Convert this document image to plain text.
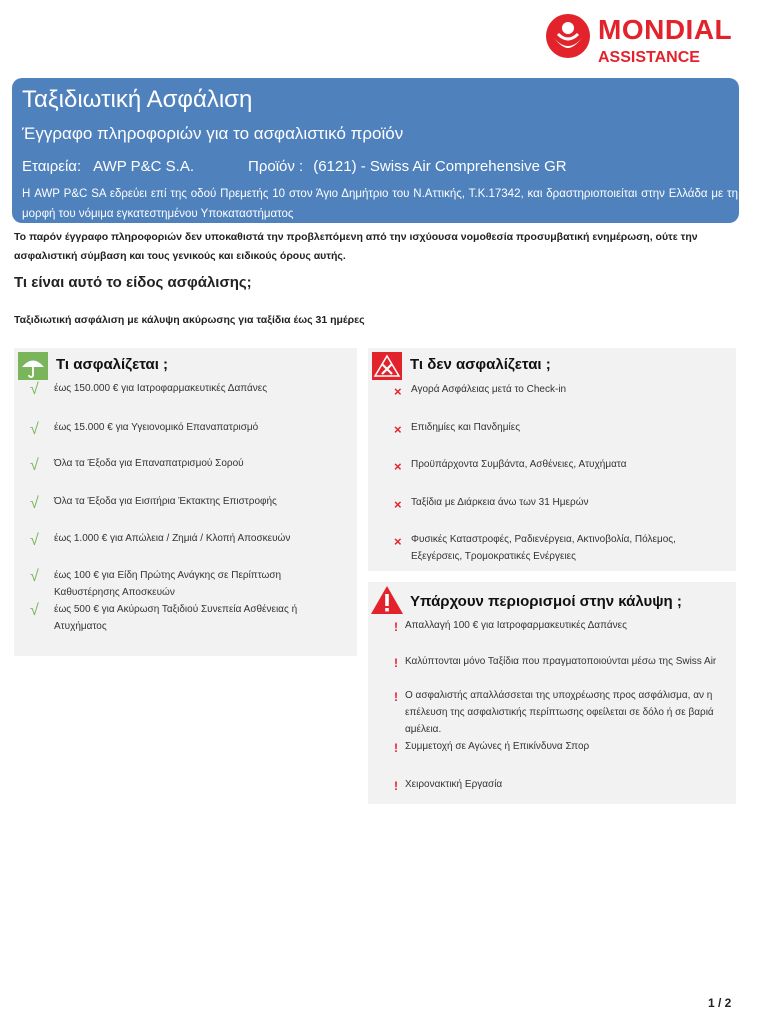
MONDIAL
ASSISTANCE
Ταξιδιωτική Ασφάλιση
Έγγραφο πληροφοριών για το ασφαλιστικό προϊόν
Εταιρεία: AWP P&C S.A.	Προϊόν : (6121) - Swiss Air Comprehensive GR
Η AWP P&C SA εδρεύει επί της οδού Πρεμετής 10 στον Άγιο Δημήτριο του Ν.Αττικής, Τ.Κ.17342, και δραστηριοποιείται στην Ελλάδα με τη μορφή του νόμιμα εγκατεστημένου Υποκαταστήματος
Το παρόν έγγραφο πληροφοριών δεν υποκαθιστά την προβλεπόμενη από την ισχύουσα νομοθεσία προσυμβατική ενημέρωση, ούτε την ασφαλιστική σύμβαση και τους γενικούς και ειδικούς όρους αυτής.
Τι είναι αυτό το είδος ασφάλισης;
Ταξιδιωτική ασφάλιση με κάλυψη ακύρωσης για ταξίδια έως 31 ημέρες
Τι ασφαλίζεται ;
√ έως 150.000 € για Ιατροφαρμακευτικές Δαπάνες
√ έως 15.000 € για Υγειονομικό Επαναπατρισμό
√ Όλα τα Έξοδα για Επαναπατρισμού Σορού
√ Όλα τα Έξοδα για Εισιτήρια Έκτακτης Επιστροφής
√ έως 1.000 € για Απώλεια / Ζημιά / Κλοπή Αποσκευών
√ έως 100 € για Είδη Πρώτης Ανάγκης σε Περίπτωση Καθυστέρησης Αποσκευών
√ έως 500 € για Ακύρωση Ταξιδιού Συνεπεία Ασθένειας ή Ατυχήματος
Τι δεν ασφαλίζεται ;
× Αγορά Ασφάλειας μετά το Check-in
× Επιδημίες και Πανδημίες
× Προϋπάρχοντα Συμβάντα, Ασθένειες, Ατυχήματα
× Ταξίδια με Διάρκεια άνω των 31 Ημερών
× Φυσικές Καταστροφές, Ραδιενέργεια, Ακτινοβολία, Πόλεμος, Εξεγέρσεις, Τρομοκρατικές Ενέργειες
Υπάρχουν περιορισμοί στην κάλυψη ;
! Απαλλαγή 100 € για Ιατροφαρμακευτικές Δαπάνες
! Καλύπτονται μόνο Ταξίδια που πραγματοποιούνται μέσω της Swiss Air
! Ο ασφαλιστής απαλλάσσεται της υποχρέωσης προς ασφάλισμα, αν η επέλευση της ασφαλιστικής περίπτωσης οφείλεται σε δόλο ή σε βαριά αμέλεια.
! Συμμετοχή σε Αγώνες ή Επικίνδυνα Σπορ
! Χειρονακτική Εργασία
1 / 2
